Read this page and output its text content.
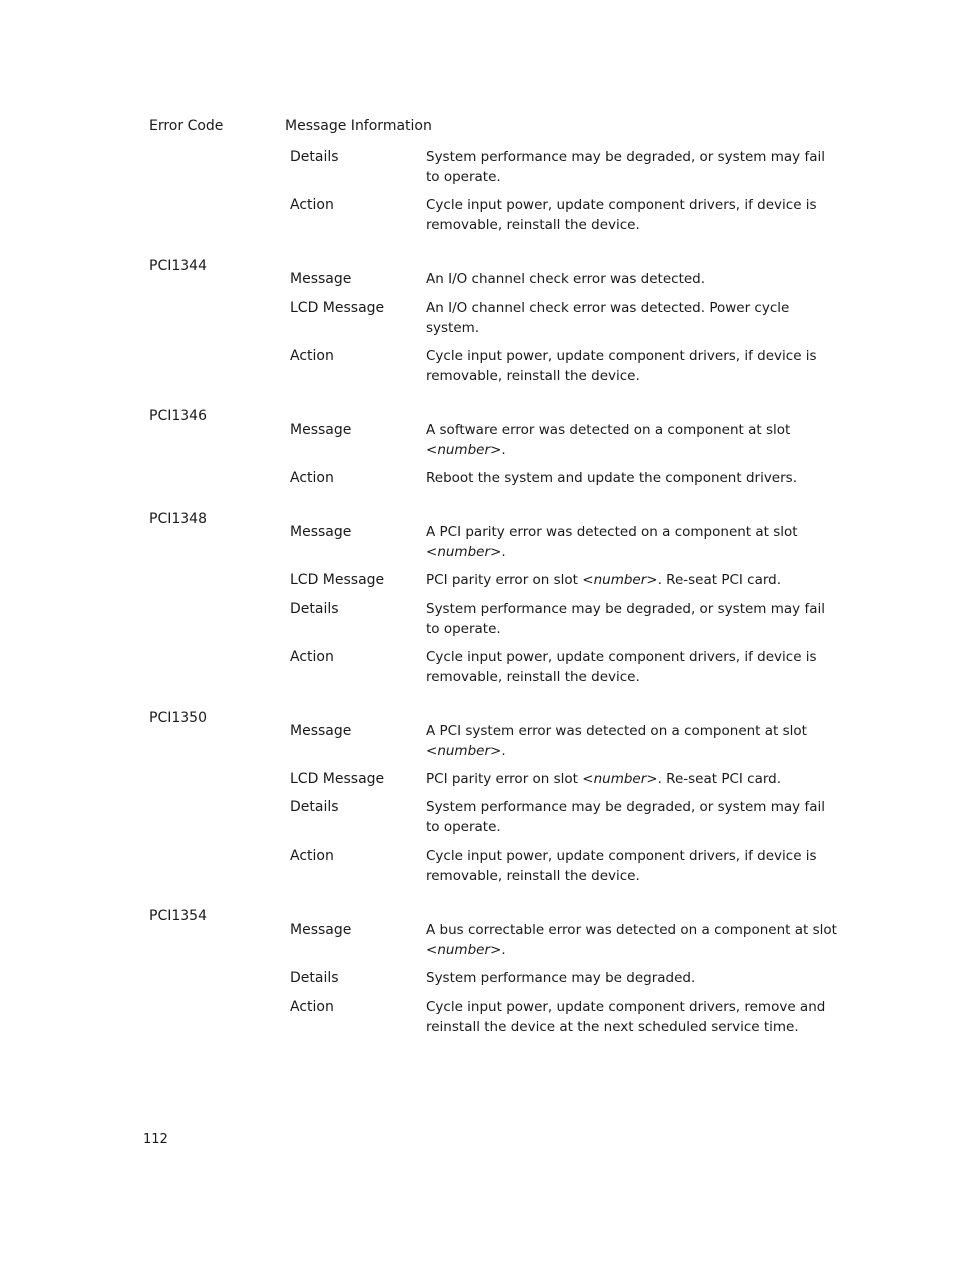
Error Code	Message Information
Details	System performance may be degraded, or system may fail to operate.
Action	Cycle input power, update component drivers, if device is removable, reinstall the device.
PCI1344
Message	An I/O channel check error was detected.
LCD Message	An I/O channel check error was detected. Power cycle system.
Action	Cycle input power, update component drivers, if device is removable, reinstall the device.
PCI1346
Message	A software error was detected on a component at slot <number>.
Action	Reboot the system and update the component drivers.
PCI1348
Message	A PCI parity error was detected on a component at slot <number>.
LCD Message	PCI parity error on slot <number>. Re-seat PCI card.
Details	System performance may be degraded, or system may fail to operate.
Action	Cycle input power, update component drivers, if device is removable, reinstall the device.
PCI1350
Message	A PCI system error was detected on a component at slot <number>.
LCD Message	PCI parity error on slot <number>. Re-seat PCI card.
Details	System performance may be degraded, or system may fail to operate.
Action	Cycle input power, update component drivers, if device is removable, reinstall the device.
PCI1354
Message	A bus correctable error was detected on a component at slot <number>.
Details	System performance may be degraded.
Action	Cycle input power, update component drivers, remove and reinstall the device at the next scheduled service time.
112
